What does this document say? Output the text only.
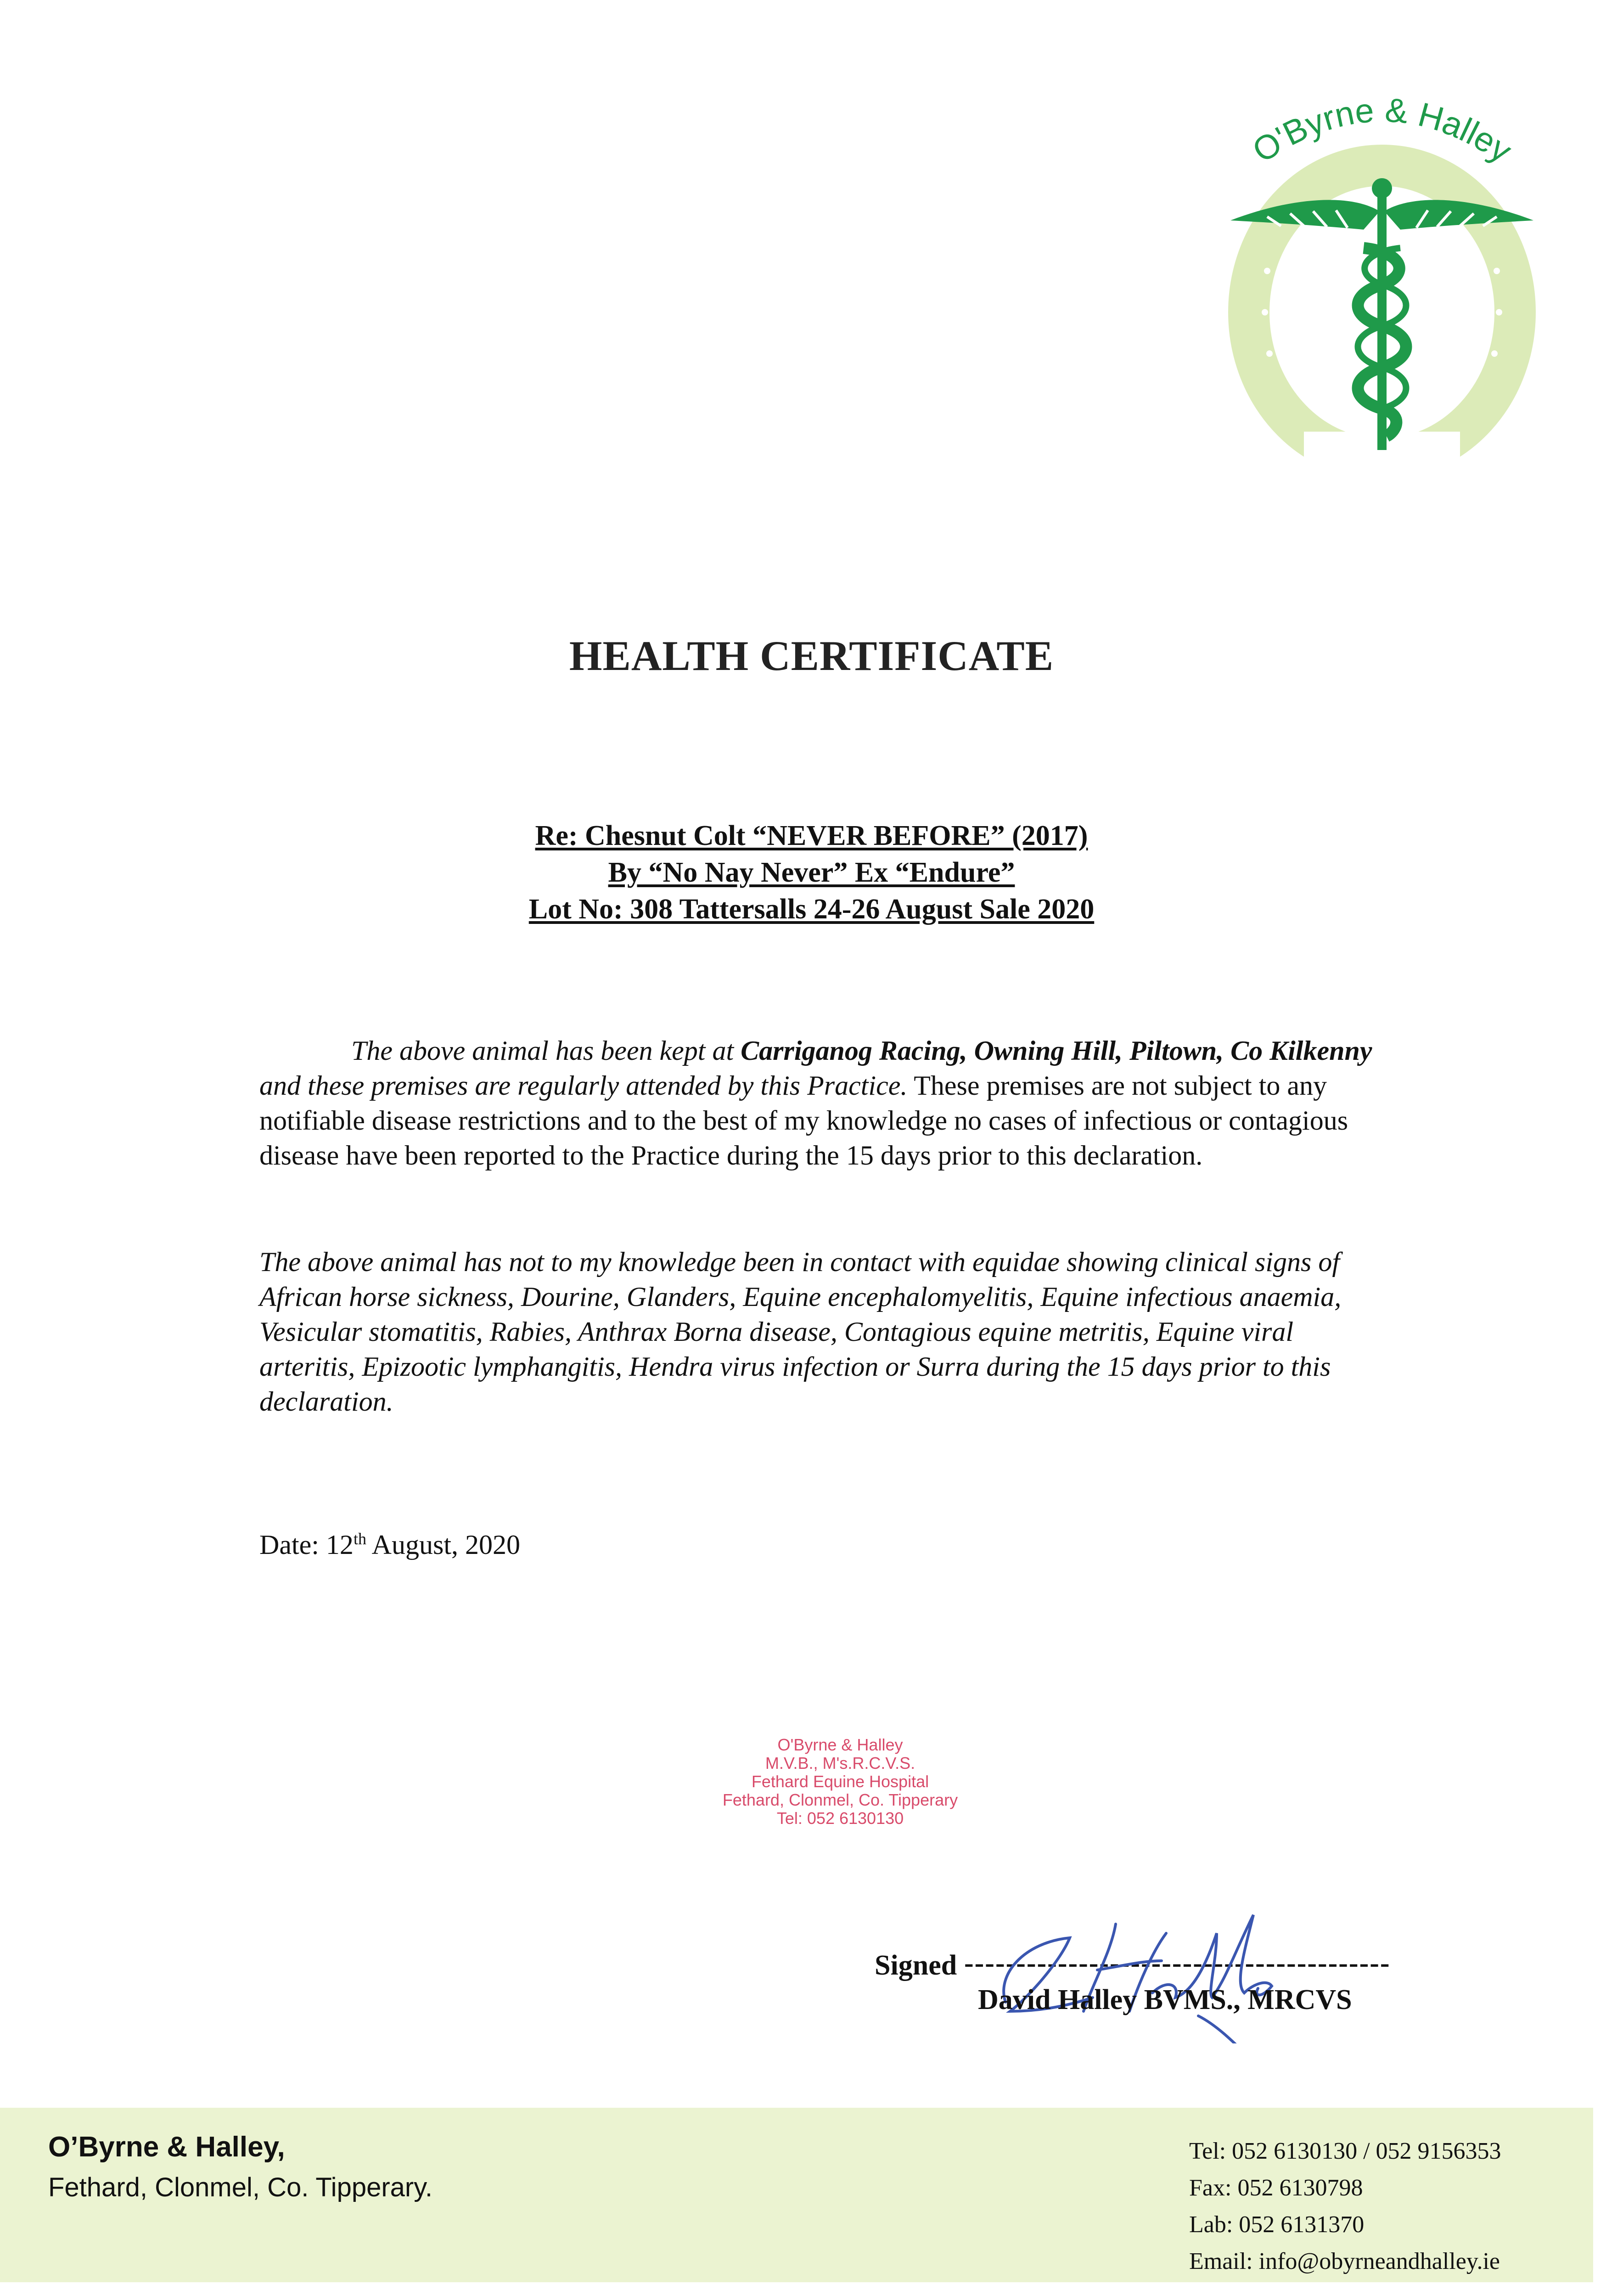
O'Byrne & Halley
HEALTH CERTIFICATE
Re: Chesnut Colt “NEVER BEFORE” (2017)
By “No Nay Never” Ex “Endure”
Lot No: 308 Tattersalls 24-26 August Sale 2020
The above animal has been kept at Carriganog Racing, Owning Hill, Piltown, Co Kilkenny and these premises are regularly attended by this Practice. These premises are not subject to any notifiable disease restrictions and to the best of my knowledge no cases of infectious or contagious disease have been reported to the Practice during the 15 days prior to this declaration.
The above animal has not to my knowledge been in contact with equidae showing clinical signs of African horse sickness, Dourine, Glanders, Equine encephalomyelitis, Equine infectious anaemia, Vesicular stomatitis, Rabies, Anthrax Borna disease, Contagious equine metritis, Equine viral arteritis, Epizootic lymphangitis, Hendra virus infection or Surra during the 15 days prior to this declaration.
Date: 12th August, 2020
O'Byrne & Halley
M.V.B., M's.R.C.V.S.
Fethard Equine Hospital
Fethard, Clonmel, Co. Tipperary
Tel: 052 6130130
Signed -----------------------------------------
David Halley BVMS., MRCVS
O’Byrne & Halley,
Fethard, Clonmel, Co. Tipperary.
Tel: 052 6130130 / 052 9156353
Fax: 052 6130798
Lab: 052 6131370
Email: info@obyrneandhalley.ie
